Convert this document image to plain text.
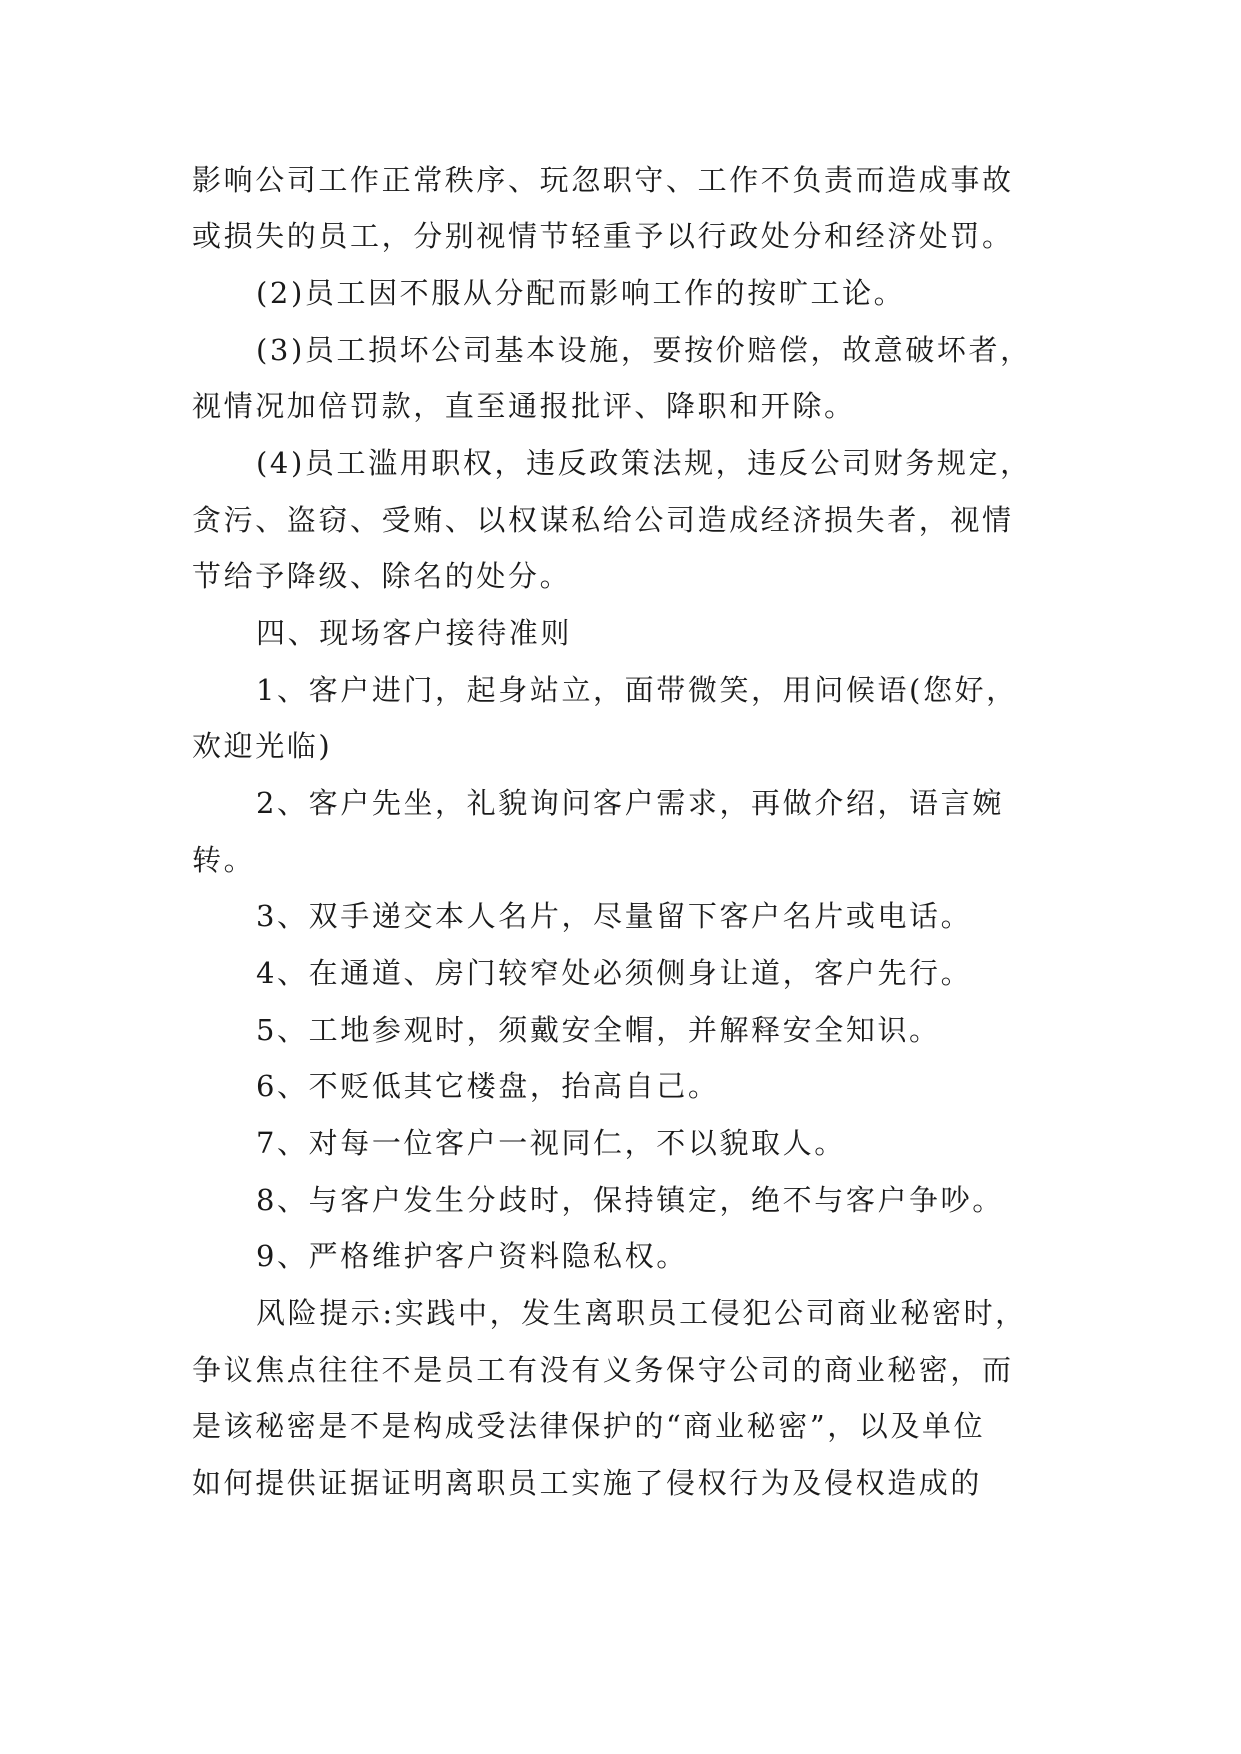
影响公司工作正常秩序、玩忽职守、工作不负责而造成事故
或损失的员工，分别视情节轻重予以行政处分和经济处罚。
(2)员工因不服从分配而影响工作的按旷工论。
(3)员工损坏公司基本设施，要按价赔偿，故意破坏者，
视情况加倍罚款，直至通报批评、降职和开除。
(4)员工滥用职权，违反政策法规，违反公司财务规定，
贪污、盗窃、受贿、以权谋私给公司造成经济损失者，视情
节给予降级、除名的处分。
四、现场客户接待准则
1、客户进门，起身站立，面带微笑，用问候语(您好，
欢迎光临)
2、客户先坐，礼貌询问客户需求，再做介绍，语言婉
转。
3、双手递交本人名片，尽量留下客户名片或电话。
4、在通道、房门较窄处必须侧身让道，客户先行。
5、工地参观时，须戴安全帽，并解释安全知识。
6、不贬低其它楼盘，抬高自己。
7、对每一位客户一视同仁，不以貌取人。
8、与客户发生分歧时，保持镇定，绝不与客户争吵。
9、严格维护客户资料隐私权。
风险提示:实践中，发生离职员工侵犯公司商业秘密时，
争议焦点往往不是员工有没有义务保守公司的商业秘密，而
是该秘密是不是构成受法律保护的“商业秘密”，以及单位
如何提供证据证明离职员工实施了侵权行为及侵权造成的
